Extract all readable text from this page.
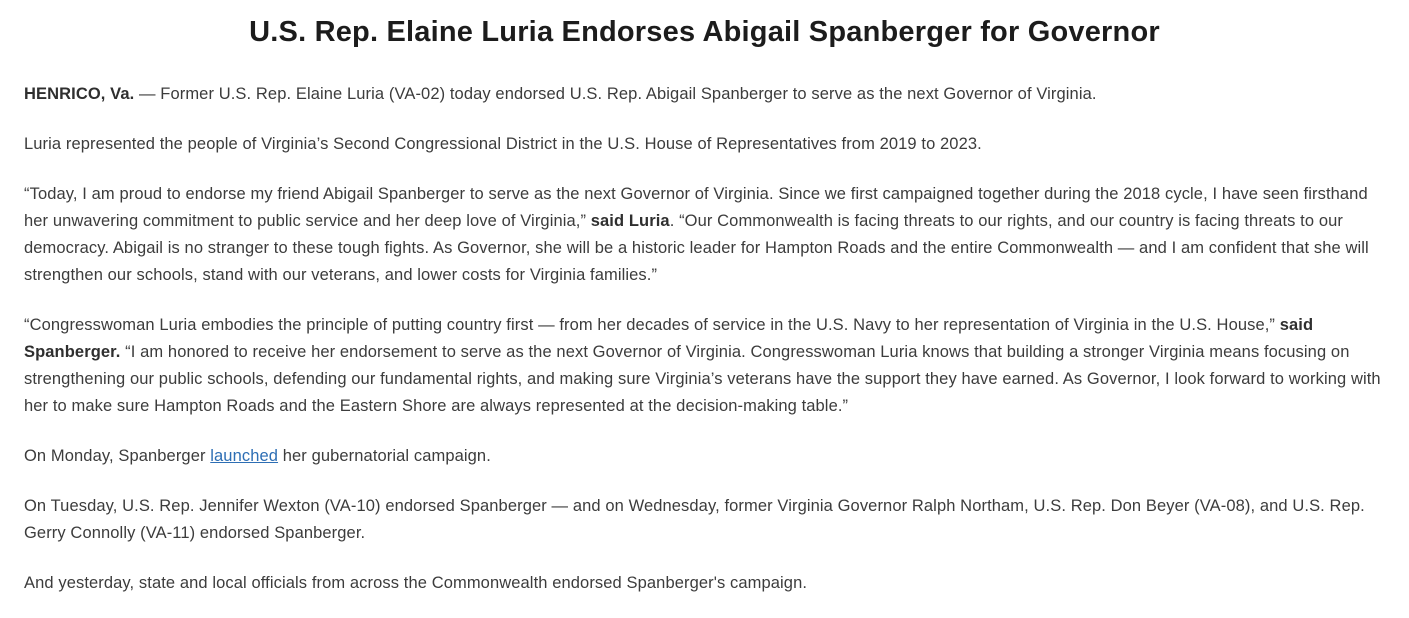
U.S. Rep. Elaine Luria Endorses Abigail Spanberger for Governor

HENRICO, Va. — Former U.S. Rep. Elaine Luria (VA-02) today endorsed U.S. Rep. Abigail Spanberger to serve as the next Governor of Virginia.

Luria represented the people of Virginia’s Second Congressional District in the U.S. House of Representatives from 2019 to 2023.

“Today, I am proud to endorse my friend Abigail Spanberger to serve as the next Governor of Virginia. Since we first campaigned together during the 2018 cycle, I have seen firsthand her unwavering commitment to public service and her deep love of Virginia,” said Luria. “Our Commonwealth is facing threats to our rights, and our country is facing threats to our democracy. Abigail is no stranger to these tough fights. As Governor, she will be a historic leader for Hampton Roads and the entire Commonwealth — and I am confident that she will strengthen our schools, stand with our veterans, and lower costs for Virginia families.”

“Congresswoman Luria embodies the principle of putting country first — from her decades of service in the U.S. Navy to her representation of Virginia in the U.S. House,” said Spanberger. “I am honored to receive her endorsement to serve as the next Governor of Virginia. Congresswoman Luria knows that building a stronger Virginia means focusing on strengthening our public schools, defending our fundamental rights, and making sure Virginia’s veterans have the support they have earned. As Governor, I look forward to working with her to make sure Hampton Roads and the Eastern Shore are always represented at the decision-making table.”

On Monday, Spanberger launched her gubernatorial campaign.

On Tuesday, U.S. Rep. Jennifer Wexton (VA-10) endorsed Spanberger — and on Wednesday, former Virginia Governor Ralph Northam, U.S. Rep. Don Beyer (VA-08), and U.S. Rep. Gerry Connolly (VA-11) endorsed Spanberger.

And yesterday, state and local officials from across the Commonwealth endorsed Spanberger's campaign.
